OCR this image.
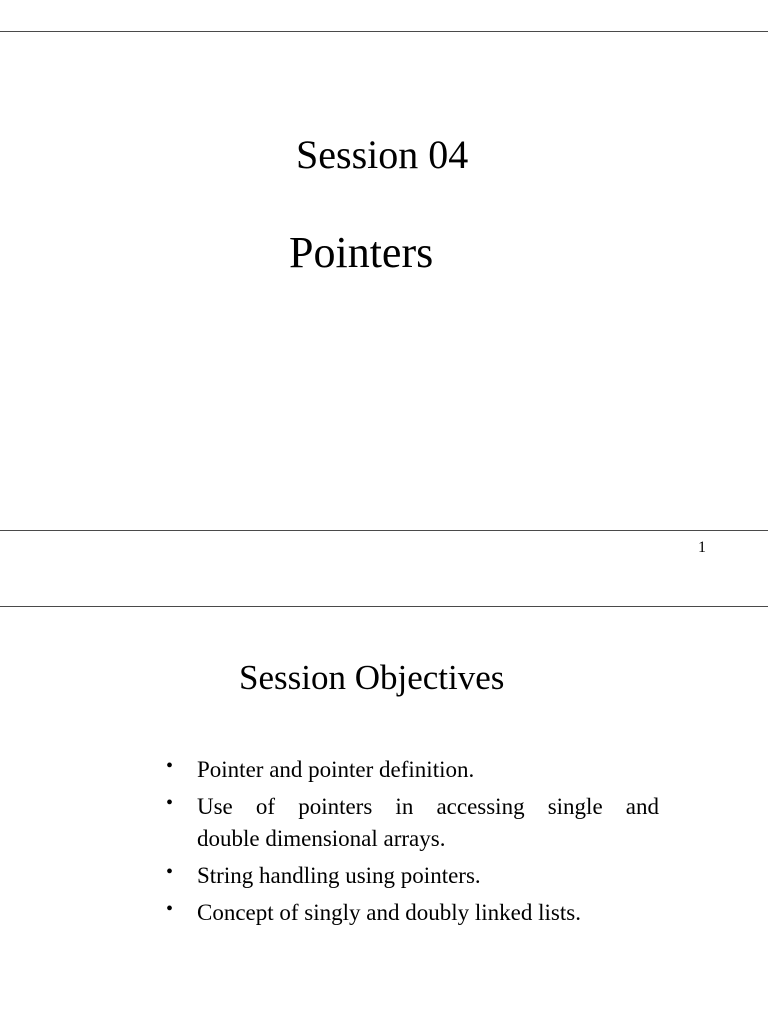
Session 04
Pointers
1
Session Objectives
• Pointer and pointer definition.
• Use of pointers in accessing single and
double dimensional arrays.
• String handling using pointers.
• Concept of singly and doubly linked lists.
